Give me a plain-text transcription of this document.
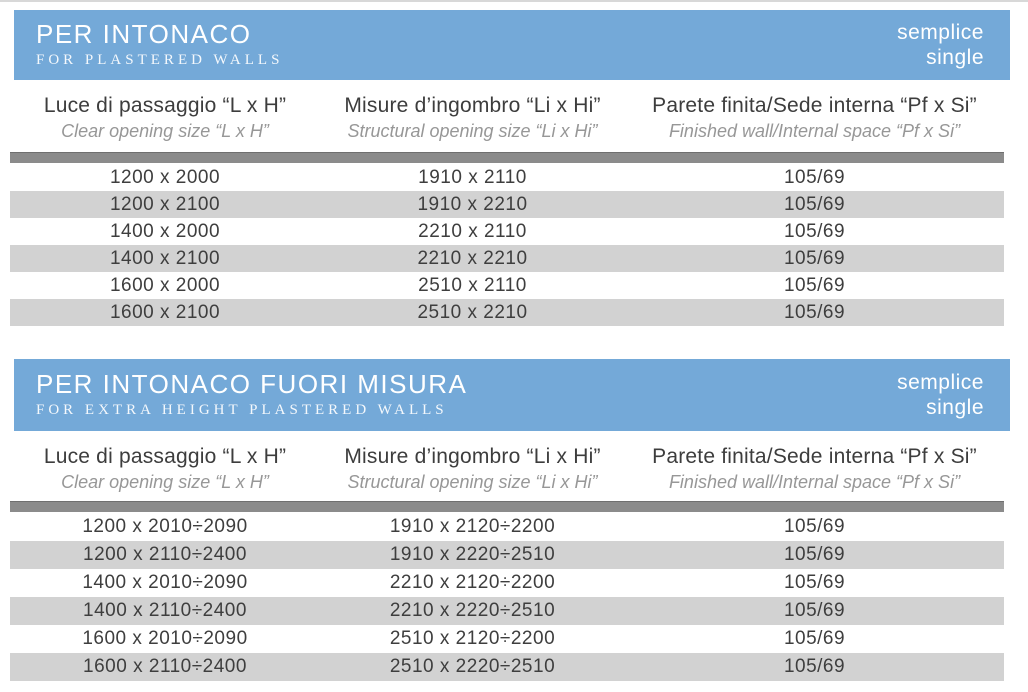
PER INTONACO
FOR PLASTERED WALLS
semplice
single
Luce di passaggio “L x H”
Clear opening size “L x H”
Misure d’ingombro “Li x Hi”
Structural opening size “Li x Hi”
Parete finita/Sede interna “Pf x Si”
Finished wall/Internal space “Pf x Si”
1200 x 2000	1910 x 2110	105/69
1200 x 2100	1910 x 2210	105/69
1400 x 2000	2210 x 2110	105/69
1400 x 2100	2210 x 2210	105/69
1600 x 2000	2510 x 2110	105/69
1600 x 2100	2510 x 2210	105/69
PER INTONACO FUORI MISURA
FOR EXTRA HEIGHT PLASTERED WALLS
semplice
single
Luce di passaggio “L x H”
Clear opening size “L x H”
Misure d’ingombro “Li x Hi”
Structural opening size “Li x Hi”
Parete finita/Sede interna “Pf x Si”
Finished wall/Internal space “Pf x Si”
1200 x 2010÷2090	1910 x 2120÷2200	105/69
1200 x 2110÷2400	1910 x 2220÷2510	105/69
1400 x 2010÷2090	2210 x 2120÷2200	105/69
1400 x 2110÷2400	2210 x 2220÷2510	105/69
1600 x 2010÷2090	2510 x 2120÷2200	105/69
1600 x 2110÷2400	2510 x 2220÷2510	105/69
